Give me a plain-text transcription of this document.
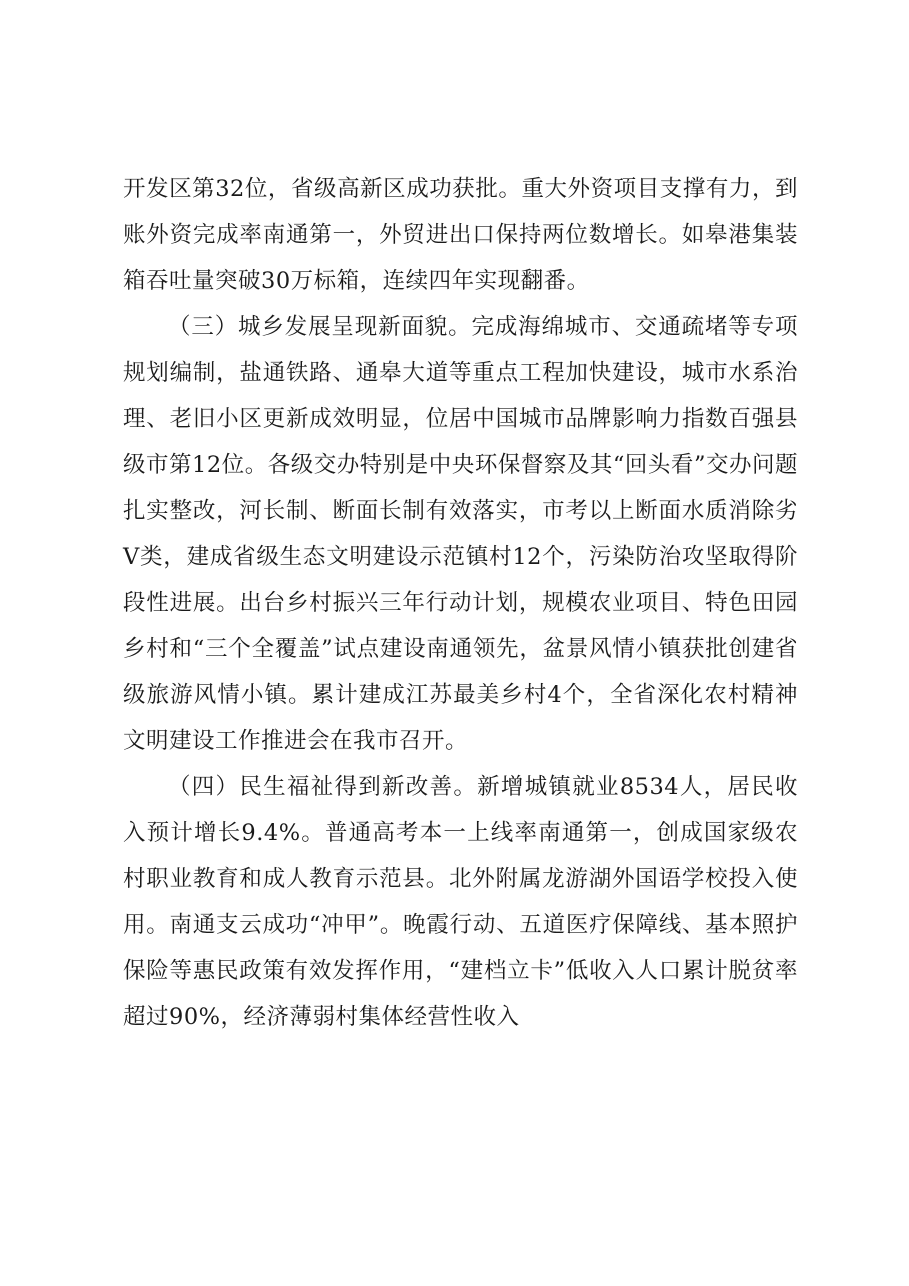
开发区第32位，省级高新区成功获批。重大外资项目支撑有力，到账外资完成率南通第一，外贸进出口保持两位数增长。如皋港集装箱吞吐量突破30万标箱，连续四年实现翻番。

（三）城乡发展呈现新面貌。完成海绵城市、交通疏堵等专项规划编制，盐通铁路、通皋大道等重点工程加快建设，城市水系治理、老旧小区更新成效明显，位居中国城市品牌影响力指数百强县级市第12位。各级交办特别是中央环保督察及其“回头看”交办问题扎实整改，河长制、断面长制有效落实，市考以上断面水质消除劣Ⅴ类，建成省级生态文明建设示范镇村12个，污染防治攻坚取得阶段性进展。出台乡村振兴三年行动计划，规模农业项目、特色田园乡村和“三个全覆盖”试点建设南通领先，盆景风情小镇获批创建省级旅游风情小镇。累计建成江苏最美乡村4个，全省深化农村精神文明建设工作推进会在我市召开。

（四）民生福祉得到新改善。新增城镇就业8534人，居民收入预计增长9.4%。普通高考本一上线率南通第一，创成国家级农村职业教育和成人教育示范县。北外附属龙游湖外国语学校投入使用。南通支云成功“冲甲”。晚霞行动、五道医疗保障线、基本照护保险等惠民政策有效发挥作用，“建档立卡”低收入人口累计脱贫率超过90%，经济薄弱村集体经营性收入
